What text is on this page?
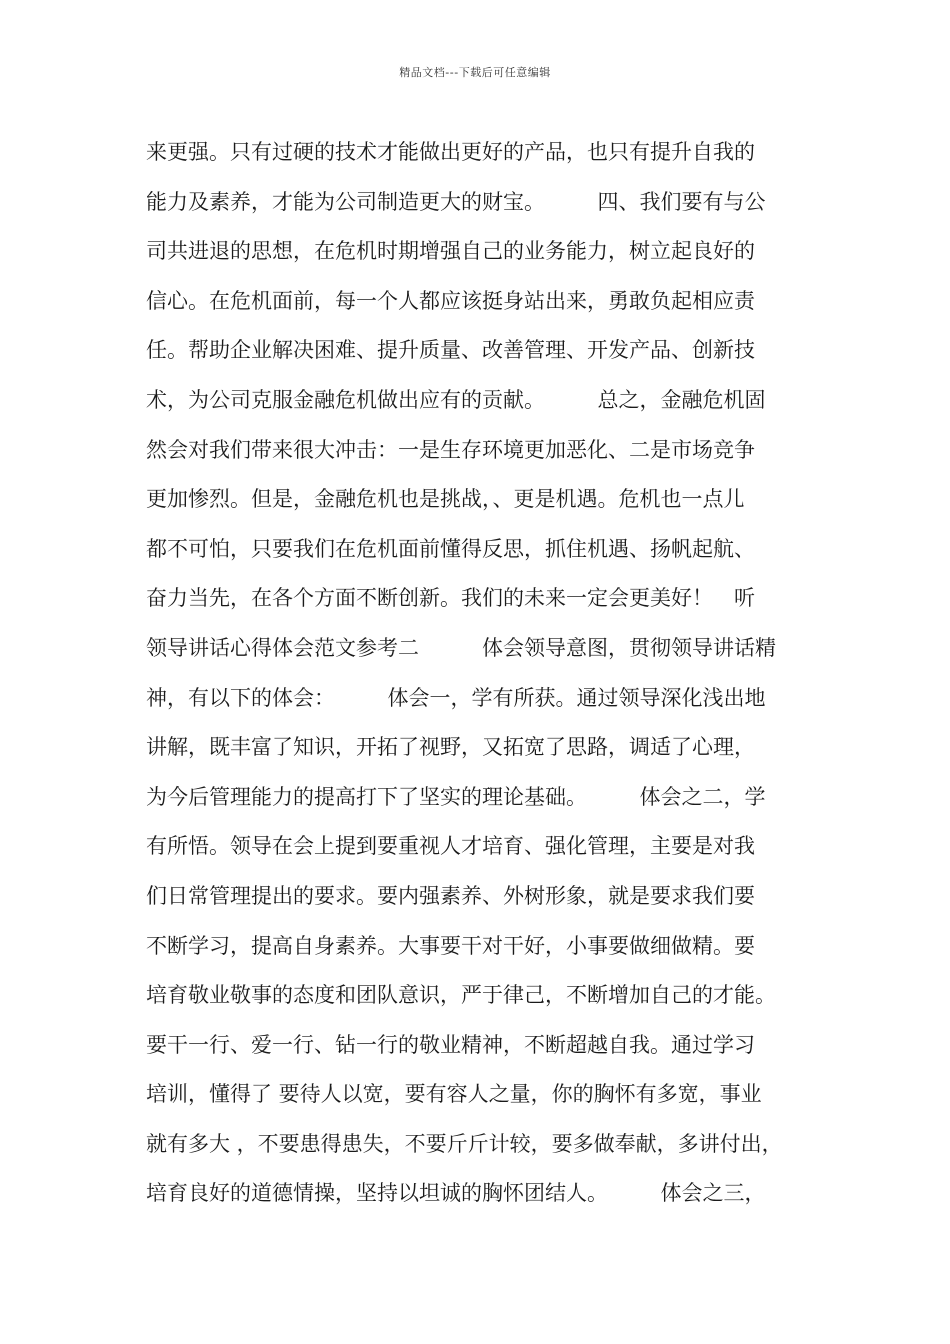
精品文档---下载后可任意编辑
来更强。只有过硬的技术才能做出更好的产品，也只有提升自我的
能力及素养，才能为公司制造更大的财宝。　　　四、我们要有与公
司共进退的思想，在危机时期增强自己的业务能力，树立起良好的
信心。在危机面前，每一个人都应该挺身站出来，勇敢负起相应责
任。帮助企业解决困难、提升质量、改善管理、开发产品、创新技
术，为公司克服金融危机做出应有的贡献。　　　总之，金融危机固
然会对我们带来很大冲击：一是生存环境更加恶化、二是市场竞争
更加惨烈。但是，金融危机也是挑战，、更是机遇。危机也一点儿
都不可怕，只要我们在危机面前懂得反思，抓住机遇、扬帆起航、
奋力当先，在各个方面不断创新。我们的未来一定会更美好！　听
领导讲话心得体会范文参考二　　　体会领导意图，贯彻领导讲话精
神，有以下的体会：　　　体会一，学有所获。通过领导深化浅出地
讲解，既丰富了知识，开拓了视野，又拓宽了思路，调适了心理，
为今后管理能力的提高打下了坚实的理论基础。　　　体会之二，学
有所悟。领导在会上提到要重视人才培育、强化管理，主要是对我
们日常管理提出的要求。要内强素养、外树形象，就是要求我们要
不断学习，提高自身素养。大事要干对干好，小事要做细做精。要
培育敬业敬事的态度和团队意识，严于律己，不断增加自己的才能。
要干一行、爱一行、钻一行的敬业精神，不断超越自我。通过学习
培训，懂得了 要待人以宽，要有容人之量，你的胸怀有多宽，事业
就有多大 ，不要患得患失，不要斤斤计较，要多做奉献，多讲付出，
培育良好的道德情操，坚持以坦诚的胸怀团结人。　　　体会之三，
